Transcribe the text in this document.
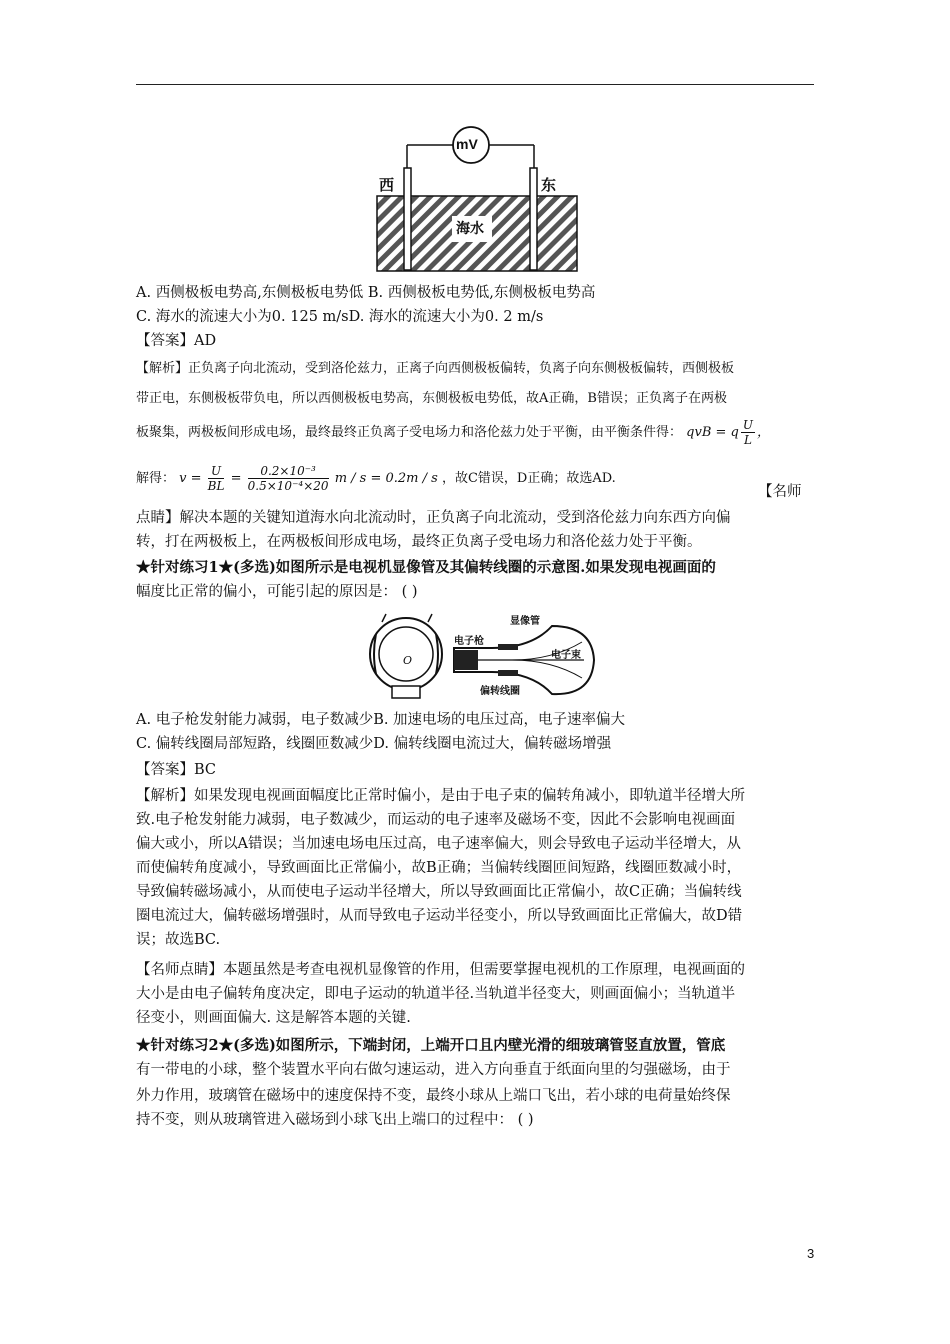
mV
西	东
海水
A. 西侧极板电势高,东侧极板电势低 B. 西侧极板电势低,东侧极板电势高
C. 海水的流速大小为0. 125 m/sD. 海水的流速大小为0. 2 m/s
【答案】AD
【解析】正负离子向北流动，受到洛伦兹力，正离子向西侧极板偏转，负离子向东侧极板偏转，西侧极板
带正电，东侧极板带负电，所以西侧极板电势高，东侧极板电势低，故A正确，B错误；正负离子在两极
板聚集，两极板间形成电场，最终最终正负离子受电场力和洛伦兹力处于平衡，由平衡条件得： qvB = q $\frac{U}{L}$ ，
解得： $v = \frac{U}{BL} = \frac{\text{0.2×10⁻³}}{\text{0.5×10⁻⁴×20}}$ m / s = 0.2m / s ，故C错误，D正确；故选AD.
【名师
点睛】解决本题的关键知道海水向北流动时，正负离子向北流动，受到洛伦兹力向东西方向偏
转，打在两极板上，在两极板间形成电场，最终正负离子受电场力和洛伦兹力处于平衡。
★针对练习1★(多选)如图所示是电视机显像管及其偏转线圈的示意图.如果发现电视画面的
幅度比正常的偏小，可能引起的原因是： ( )
O
电子枪
显像管
电子束
偏转线圈
A. 电子枪发射能力减弱，电子数减少B. 加速电场的电压过高，电子速率偏大
C. 偏转线圈局部短路，线圈匝数减少D. 偏转线圈电流过大，偏转磁场增强
【答案】BC
【解析】如果发现电视画面幅度比正常时偏小，是由于电子束的偏转角减小，即轨道半径增大所
致.电子枪发射能力减弱，电子数减少，而运动的电子速率及磁场不变，因此不会影响电视画面
偏大或小，所以A错误；当加速电场电压过高，电子速率偏大，则会导致电子运动半径增大，从
而使偏转角度减小，导致画面比正常偏小，故B正确；当偏转线圈匝间短路，线圈匝数减小时，
导致偏转磁场减小，从而使电子运动半径增大，所以导致画面比正常偏小，故C正确；当偏转线
圈电流过大，偏转磁场增强时，从而导致电子运动半径变小，所以导致画面比正常偏大，故D错
误；故选BC.
【名师点睛】本题虽然是考查电视机显像管的作用，但需要掌握电视机的工作原理，电视画面的
大小是由电子偏转角度决定，即电子运动的轨道半径.当轨道半径变大，则画面偏小；当轨道半
径变小，则画面偏大. 这是解答本题的关键.
★针对练习2★(多选)如图所示，下端封闭，上端开口且内壁光滑的细玻璃管竖直放置，管底
有一带电的小球，整个装置水平向右做匀速运动，进入方向垂直于纸面向里的匀强磁场，由于
外力作用，玻璃管在磁场中的速度保持不变，最终小球从上端口飞出，若小球的电荷量始终保
持不变，则从玻璃管进入磁场到小球飞出上端口的过程中： ( )
3
